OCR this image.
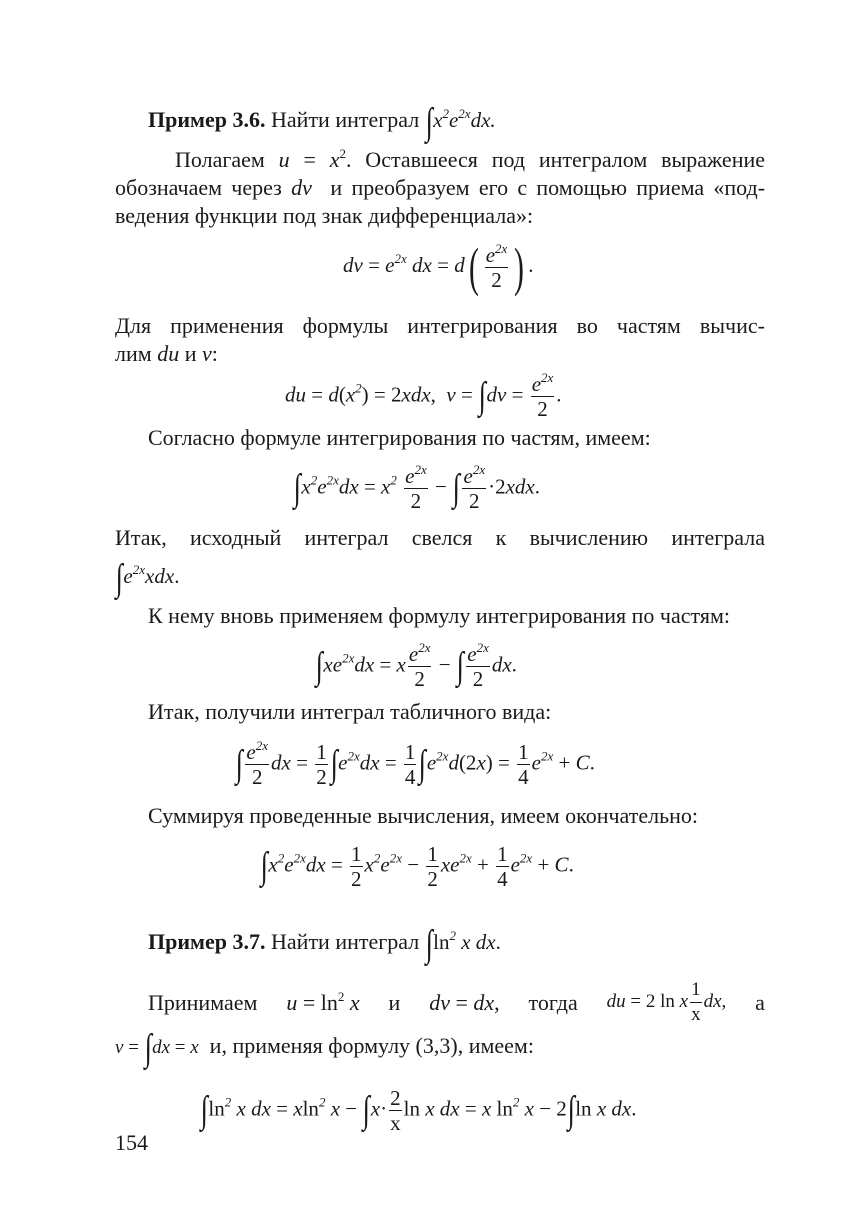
Пример 3.6. Найти интеграл $\int x^2e^{2x}dx$.
Полагаем $u = x^2$. Оставшееся под интегралом выражение
обозначаем через dv и преобразуем его с помощью приема «под-
ведения функции под знак дифференциала»:
dv = $e^{2x}$ dx = $d( \frac{e^{2x}}{2}$ ) .
Для применения формулы интегрирования во частям вычис-
лим du и v:
du = $d(x^2) = 2xdx$,  $v = \int dv = \frac{e^{2x}}{2}$ .
Согласно формуле интегрирования по частям, имеем:
$\int x^2e^{2x}dx = x^2 \frac{e^{2x}}{2}$ − ∫ $\frac{e^{2x}}{2} \cdot 2xdx$.
Итак, исходный интеграл свелся к вычислению интеграла
$\int e^{2x}xdx$.
К нему вновь применяем формулу интегрирования по частям:
$\int xe^{2x}dx = x \frac{e^{2x}}{2}$ − ∫ $\frac{e^{2x}}{2}$ dx.
Итак, получили интеграл табличного вида:
∫ $\frac{e^{2x}}{2}$ dx = $\frac{1}{2} \int e^{2x}dx = \frac{1}{4} \int e^{2x}d(2x) = \frac{1}{4} e^{2x} + C$.
Суммируя проведенные вычисления, имеем окончательно:
$\int x^2e^{2x}dx = \frac{1}{2} x^2e^{2x} - \frac{1}{2} xe^{2x} + \frac{1}{4} e^{2x} + C$.
Пример 3.7. Найти интеграл $\int\ln^2$ x dx.
Принимаем $u = \ln^2 x$ и dv = dx, тогда du = 2 ln x $\frac{1}{x}$ dx, а
v = ∫dx = x и, применяя формулу (3,3), имеем:
$\int\ln^2$ x dx = xln$^2$ $x - \int x\cdot \frac{2}{x}$ ln x dx = x $\ln^2 x - 2\int\ln$ x dx.
154
